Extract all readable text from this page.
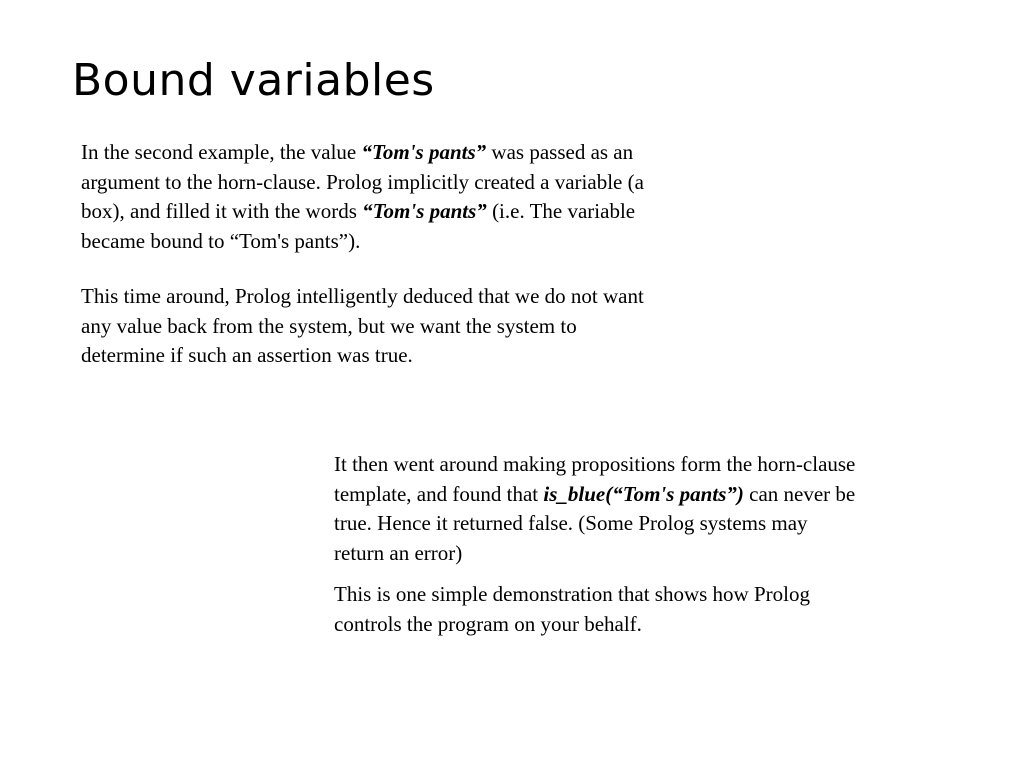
Bound variables

In the second example, the value “Tom's pants” was passed as an
argument to the horn-clause. Prolog implicitly created a variable (a
box), and filled it with the words “Tom's pants” (i.e. The variable
became bound to “Tom's pants”).

This time around, Prolog intelligently deduced that we do not want
any value back from the system, but we want the system to
determine if such an assertion was true.

It then went around making propositions form the horn-clause
template, and found that is_blue(“Tom's pants”) can never be
true. Hence it returned false. (Some Prolog systems may
return an error)

This is one simple demonstration that shows how Prolog
controls the program on your behalf.
